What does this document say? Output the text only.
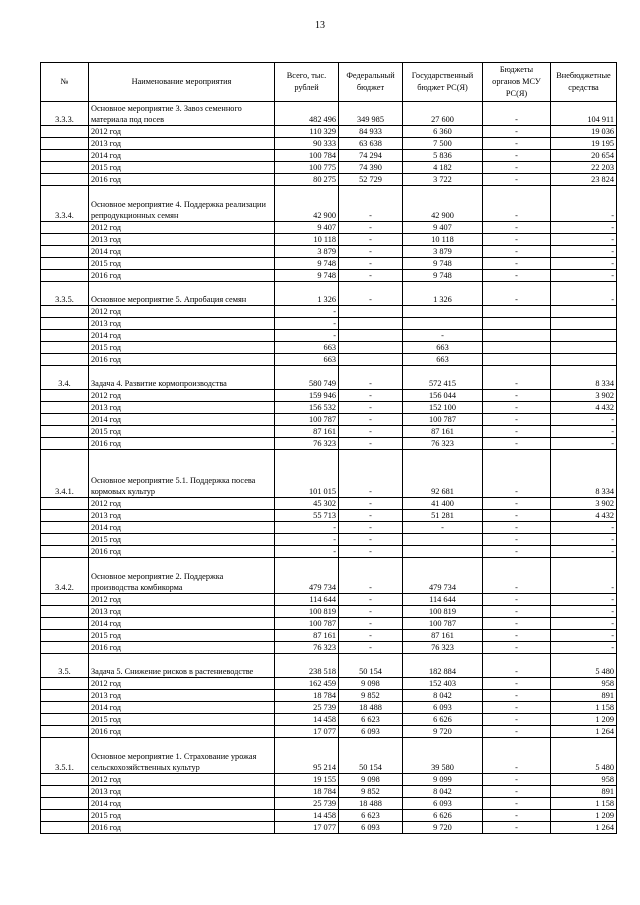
13
№	Наименование мероприятия	Всего, тыс. рублей	Федеральный бюджет	Государственный бюджет РС(Я)	Бюджеты органов МСУ РС(Я)	Внебюджетные средства
3.3.3.	Основное мероприятие 3. Завоз семенного материала под посев	482 496	349 985	27 600	-	104 911
	2012 год	110 329	84 933	6 360	-	19 036
	2013 год	90 333	63 638	7 500	-	19 195
	2014 год	100 784	74 294	5 836	-	20 654
	2015 год	100 775	74 390	4 182	-	22 203
	2016 год	80 275	52 729	3 722	-	23 824
3.3.4.	Основное мероприятие 4. Поддержка реализации репродукционных семян	42 900	-	42 900	-	-
	2012 год	9 407	-	9 407	-	-
	2013 год	10 118	-	10 118	-	-
	2014 год	3 879	-	3 879	-	-
	2015 год	9 748	-	9 748	-	-
	2016 год	9 748	-	9 748	-	-
3.3.5.	Основное мероприятие 5. Апробация семян	1 326	-	1 326	-	-
	2012 год	-				
	2013 год	-				
	2014 год	-		-		
	2015 год	663		663		
	2016 год	663		663		
3.4.	Задача 4. Развитие кормопроизводства	580 749	-	572 415	-	8 334
	2012 год	159 946	-	156 044	-	3 902
	2013 год	156 532	-	152 100	-	4 432
	2014 год	100 787	-	100 787	-	-
	2015 год	87 161	-	87 161	-	-
	2016 год	76 323	-	76 323	-	-
3.4.1.	Основное мероприятие 5.1. Поддержка посева кормовых культур	101 015	-	92 681	-	8 334
	2012 год	45 302	-	41 400	-	3 902
	2013 год	55 713	-	51 281	-	4 432
	2014 год	-	-	-	-	-
	2015 год	-	-		-	-
	2016 год	-	-		-	-
3.4.2.	Основное мероприятие 2. Поддержка производства комбикорма	479 734	-	479 734	-	-
	2012 год	114 644	-	114 644	-	-
	2013 год	100 819	-	100 819	-	-
	2014 год	100 787	-	100 787	-	-
	2015 год	87 161	-	87 161	-	-
	2016 год	76 323	-	76 323	-	-
3.5.	Задача 5. Снижение рисков в растениеводстве	238 518	50 154	182 884	-	5 480
	2012 год	162 459	9 098	152 403	-	958
	2013 год	18 784	9 852	8 042	-	891
	2014 год	25 739	18 488	6 093	-	1 158
	2015 год	14 458	6 623	6 626	-	1 209
	2016 год	17 077	6 093	9 720	-	1 264
3.5.1.	Основное мероприятие 1. Страхование урожая сельскохозяйственных культур	95 214	50 154	39 580	-	5 480
	2012 год	19 155	9 098	9 099	-	958
	2013 год	18 784	9 852	8 042	-	891
	2014 год	25 739	18 488	6 093	-	1 158
	2015 год	14 458	6 623	6 626	-	1 209
	2016 год	17 077	6 093	9 720	-	1 264
